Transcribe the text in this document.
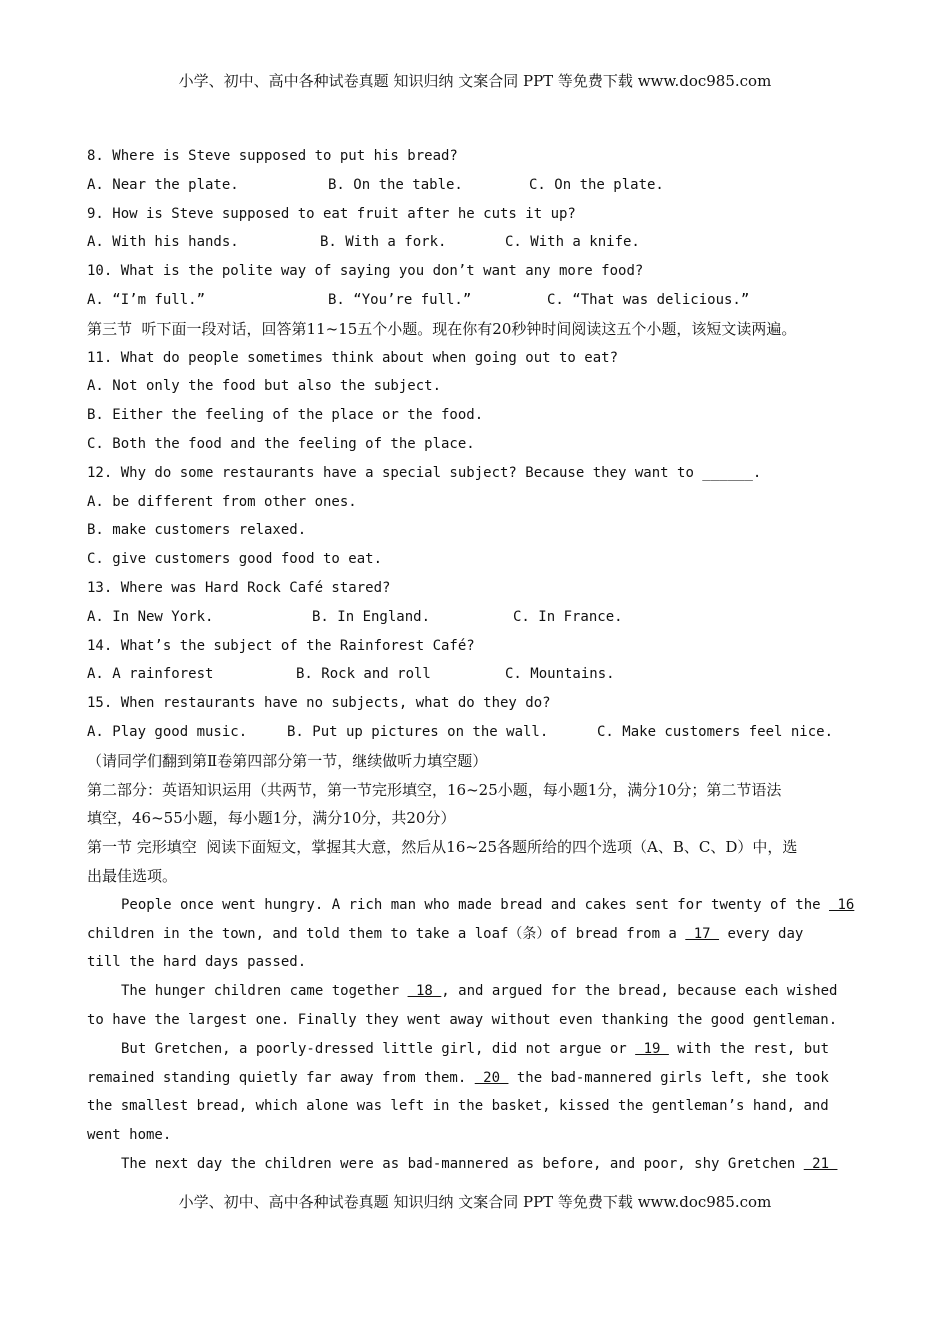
小学、初中、高中各种试卷真题 知识归纳 文案合同 PPT 等免费下载 www.doc985.com
8. Where is Steve supposed to put his bread?
A. Near the plate.	B. On the table.	C. On the plate.
9. How is Steve supposed to eat fruit after he cuts it up?
A. With his hands.	B. With a fork.	C. With a knife.
10. What is the polite way of saying you don’t want any more food?
A. “I’m full.”	B. “You’re full.”	C. “That was delicious.”
第三节  听下面一段对话，回答第11~15五个小题。现在你有20秒钟时间阅读这五个小题，该短文读两遍。
11. What do people sometimes think about when going out to eat?
A. Not only the food but also the subject.
B. Either the feeling of the place or the food.
C. Both the food and the feeling of the place.
12. Why do some restaurants have a special subject? Because they want to ______.
A. be different from other ones.
B. make customers relaxed.
C. give customers good food to eat.
13. Where was Hard Rock Café stared?
A. In New York.	B. In England.	C. In France.
14. What’s the subject of the Rainforest Café?
A. A rainforest	B. Rock and roll	C. Mountains.
15. When restaurants have no subjects, what do they do?
A. Play good music.	B. Put up pictures on the wall.	C. Make customers feel nice.
（请同学们翻到第Ⅱ卷第四部分第一节，继续做听力填空题）
第二部分：英语知识运用（共两节，第一节完形填空，16~25小题，每小题1分，满分10分；第二节语法
填空，46~55小题，每小题1分，满分10分，共20分）
第一节 完形填空  阅读下面短文，掌握其大意，然后从16~25各题所给的四个选项（A、B、C、D）中，选
出最佳选项。
People once went hungry. A rich man who made bread and cakes sent for twenty of the  16
children in the town, and told them to take a loaf（条）of bread from a  17  every day
till the hard days passed.
The hunger children came together  18 , and argued for the bread, because each wished
to have the largest one. Finally they went away without even thanking the good gentleman.
But Gretchen, a poorly-dressed little girl, did not argue or  19  with the rest, but
remained standing quietly far away from them.  20  the bad-mannered girls left, she took
the smallest bread, which alone was left in the basket, kissed the gentleman’s hand, and
went home.
The next day the children were as bad-mannered as before, and poor, shy Gretchen  21
小学、初中、高中各种试卷真题 知识归纳 文案合同 PPT 等免费下载 www.doc985.com
